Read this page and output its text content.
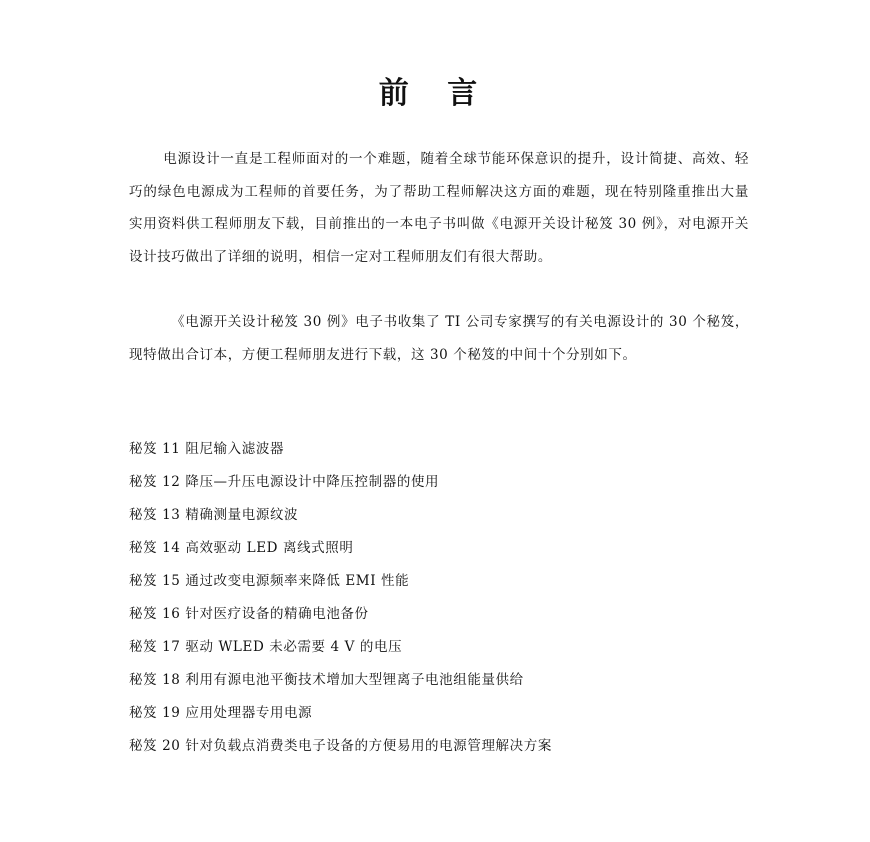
前 言

电源设计一直是工程师面对的一个难题，随着全球节能环保意识的提升，设计简捷、高效、轻巧的绿色电源成为工程师的首要任务，为了帮助工程师解决这方面的难题，现在特别隆重推出大量实用资料供工程师朋友下载，目前推出的一本电子书叫做《电源开关设计秘笈 30 例》，对电源开关设计技巧做出了详细的说明，相信一定对工程师朋友们有很大帮助。

《电源开关设计秘笈 30 例》电子书收集了 TI 公司专家撰写的有关电源设计的 30 个秘笈，现特做出合订本，方便工程师朋友进行下载，这 30 个秘笈的中间十个分别如下。

秘笈 11 阻尼输入滤波器
秘笈 12 降压—升压电源设计中降压控制器的使用
秘笈 13 精确测量电源纹波
秘笈 14 高效驱动 LED 离线式照明
秘笈 15 通过改变电源频率来降低 EMI 性能
秘笈 16 针对医疗设备的精确电池备份
秘笈 17 驱动 WLED 未必需要 4 V 的电压
秘笈 18 利用有源电池平衡技术增加大型锂离子电池组能量供给
秘笈 19 应用处理器专用电源
秘笈 20 针对负载点消费类电子设备的方便易用的电源管理解决方案
